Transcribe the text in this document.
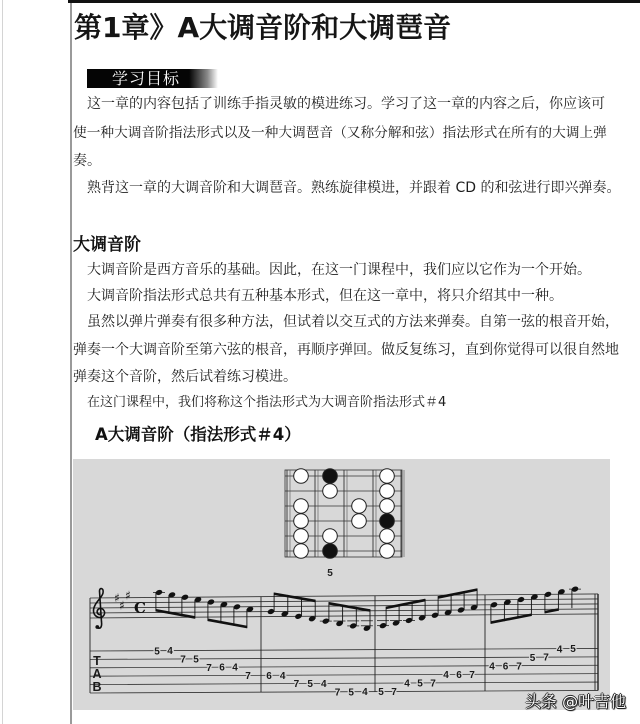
第1章》A大调音阶和大调琶音
学习目标
这一章的内容包括了训练手指灵敏的模进练习。学习了这一章的内容之后，你应该可
使一种大调音阶指法形式以及一种大调琶音（又称分解和弦）指法形式在所有的大调上弹
奏。
熟背这一章的大调音阶和大调琶音。熟练旋律模进，并跟着 CD 的和弦进行即兴弹奏。
大调音阶
大调音阶是西方音乐的基础。因此，在这一门课程中，我们应以它作为一个开始。
大调音阶指法形式总共有五种基本形式，但在这一章中，将只介绍其中一种。
虽然以弹片弹奏有很多种方法，但试着以交互式的方法来弹奏。自第一弦的根音开始，
弹奏一个大调音阶至第六弦的根音，再顺序弹回。做反复练习，直到你觉得可以很自然地
弹奏这个音阶，然后试着练习模进。
在这门课程中，我们将称这个指法形式为大调音阶指法形式＃4
A大调音阶（指法形式＃4）
5
♯
♯
♯
C
T
A
B
5 4
7 5
7 6 4
7 6 4
7 5 4
7 5 4 5 7
4 5 7
4 6 7
4 6 7
5 7
4 5
头条 @叶吉他
